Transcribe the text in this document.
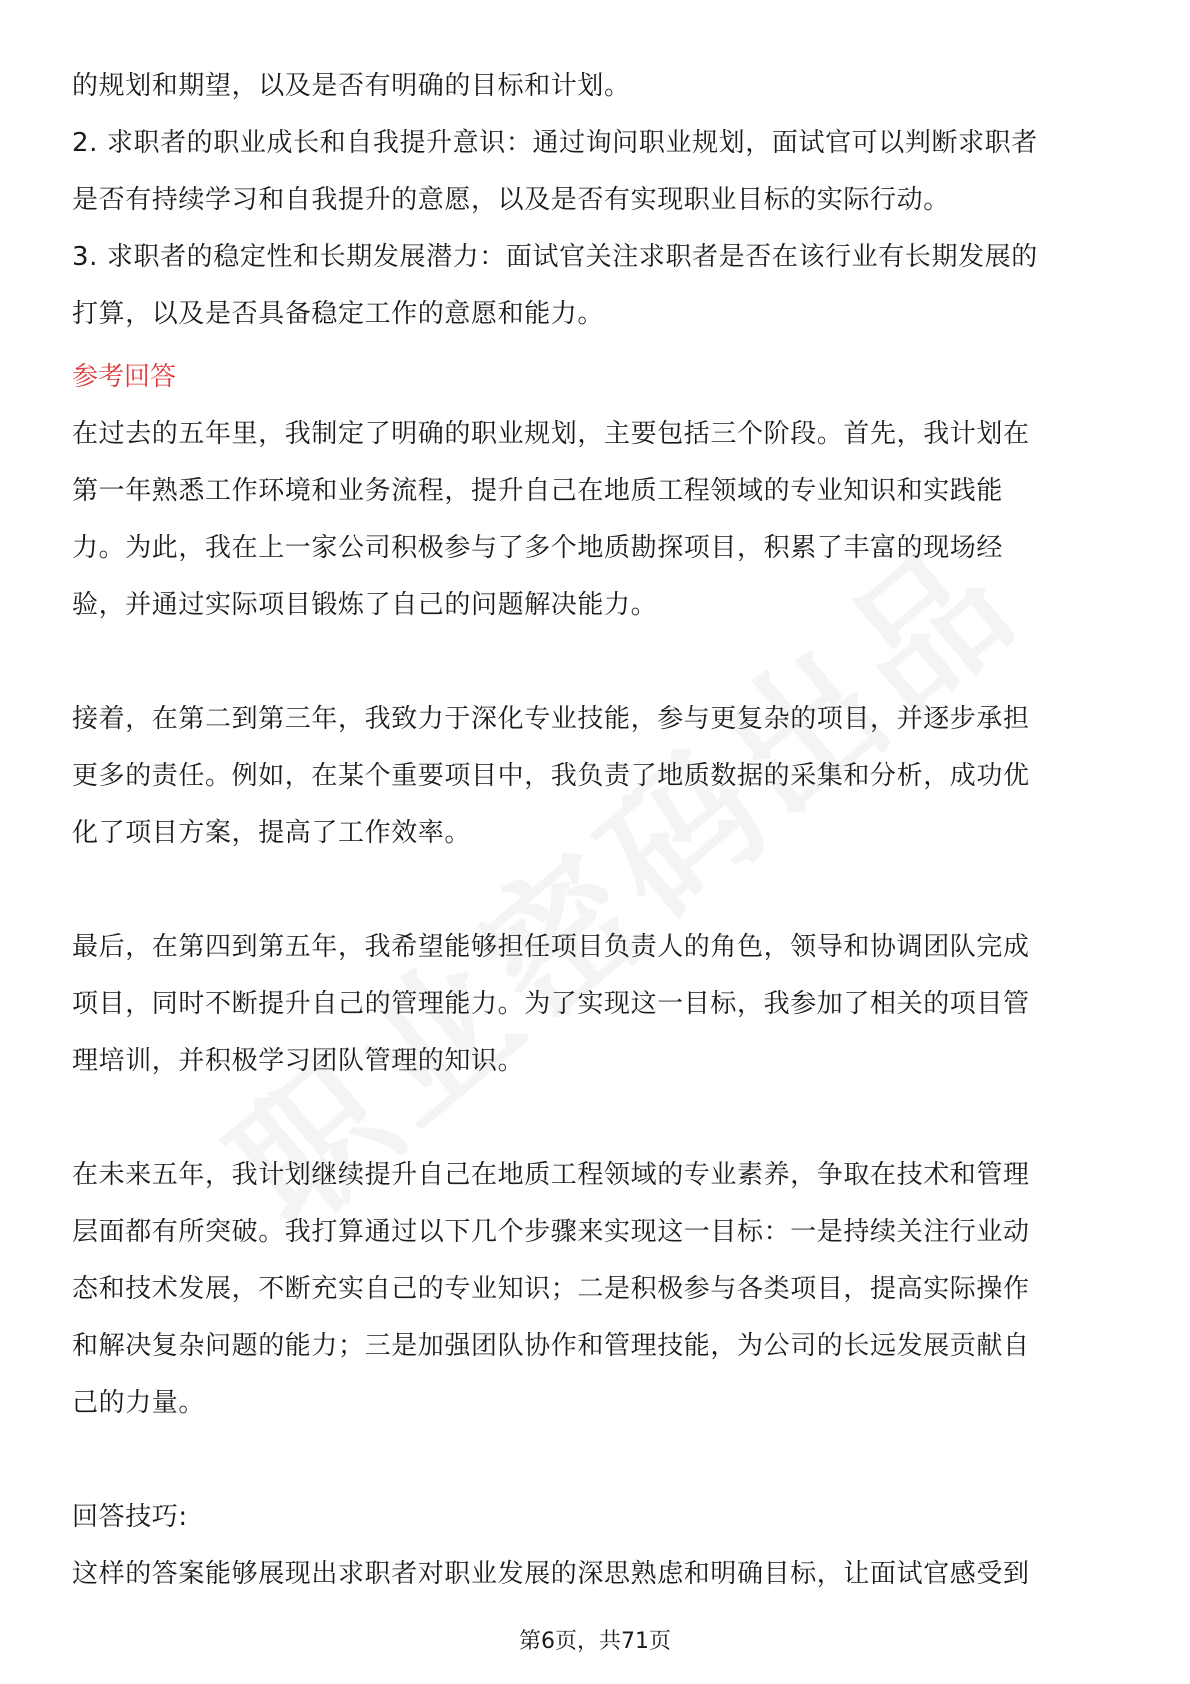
的规划和期望，以及是否有明确的目标和计划。
2. 求职者的职业成长和自我提升意识：通过询问职业规划，面试官可以判断求职者
是否有持续学习和自我提升的意愿，以及是否有实现职业目标的实际行动。
3. 求职者的稳定性和长期发展潜力：面试官关注求职者是否在该行业有长期发展的
打算，以及是否具备稳定工作的意愿和能力。
参考回答
在过去的五年里，我制定了明确的职业规划，主要包括三个阶段。首先，我计划在
第一年熟悉工作环境和业务流程，提升自己在地质工程领域的专业知识和实践能
力。为此，我在上一家公司积极参与了多个地质勘探项目，积累了丰富的现场经
验，并通过实际项目锻炼了自己的问题解决能力。
接着，在第二到第三年，我致力于深化专业技能，参与更复杂的项目，并逐步承担
更多的责任。例如，在某个重要项目中，我负责了地质数据的采集和分析，成功优
化了项目方案，提高了工作效率。
最后，在第四到第五年，我希望能够担任项目负责人的角色，领导和协调团队完成
项目，同时不断提升自己的管理能力。为了实现这一目标，我参加了相关的项目管
理培训，并积极学习团队管理的知识。
在未来五年，我计划继续提升自己在地质工程领域的专业素养，争取在技术和管理
层面都有所突破。我打算通过以下几个步骤来实现这一目标：一是持续关注行业动
态和技术发展，不断充实自己的专业知识；二是积极参与各类项目，提高实际操作
和解决复杂问题的能力；三是加强团队协作和管理技能，为公司的长远发展贡献自
己的力量。
回答技巧:
这样的答案能够展现出求职者对职业发展的深思熟虑和明确目标，让面试官感受到
第6页，共71页
